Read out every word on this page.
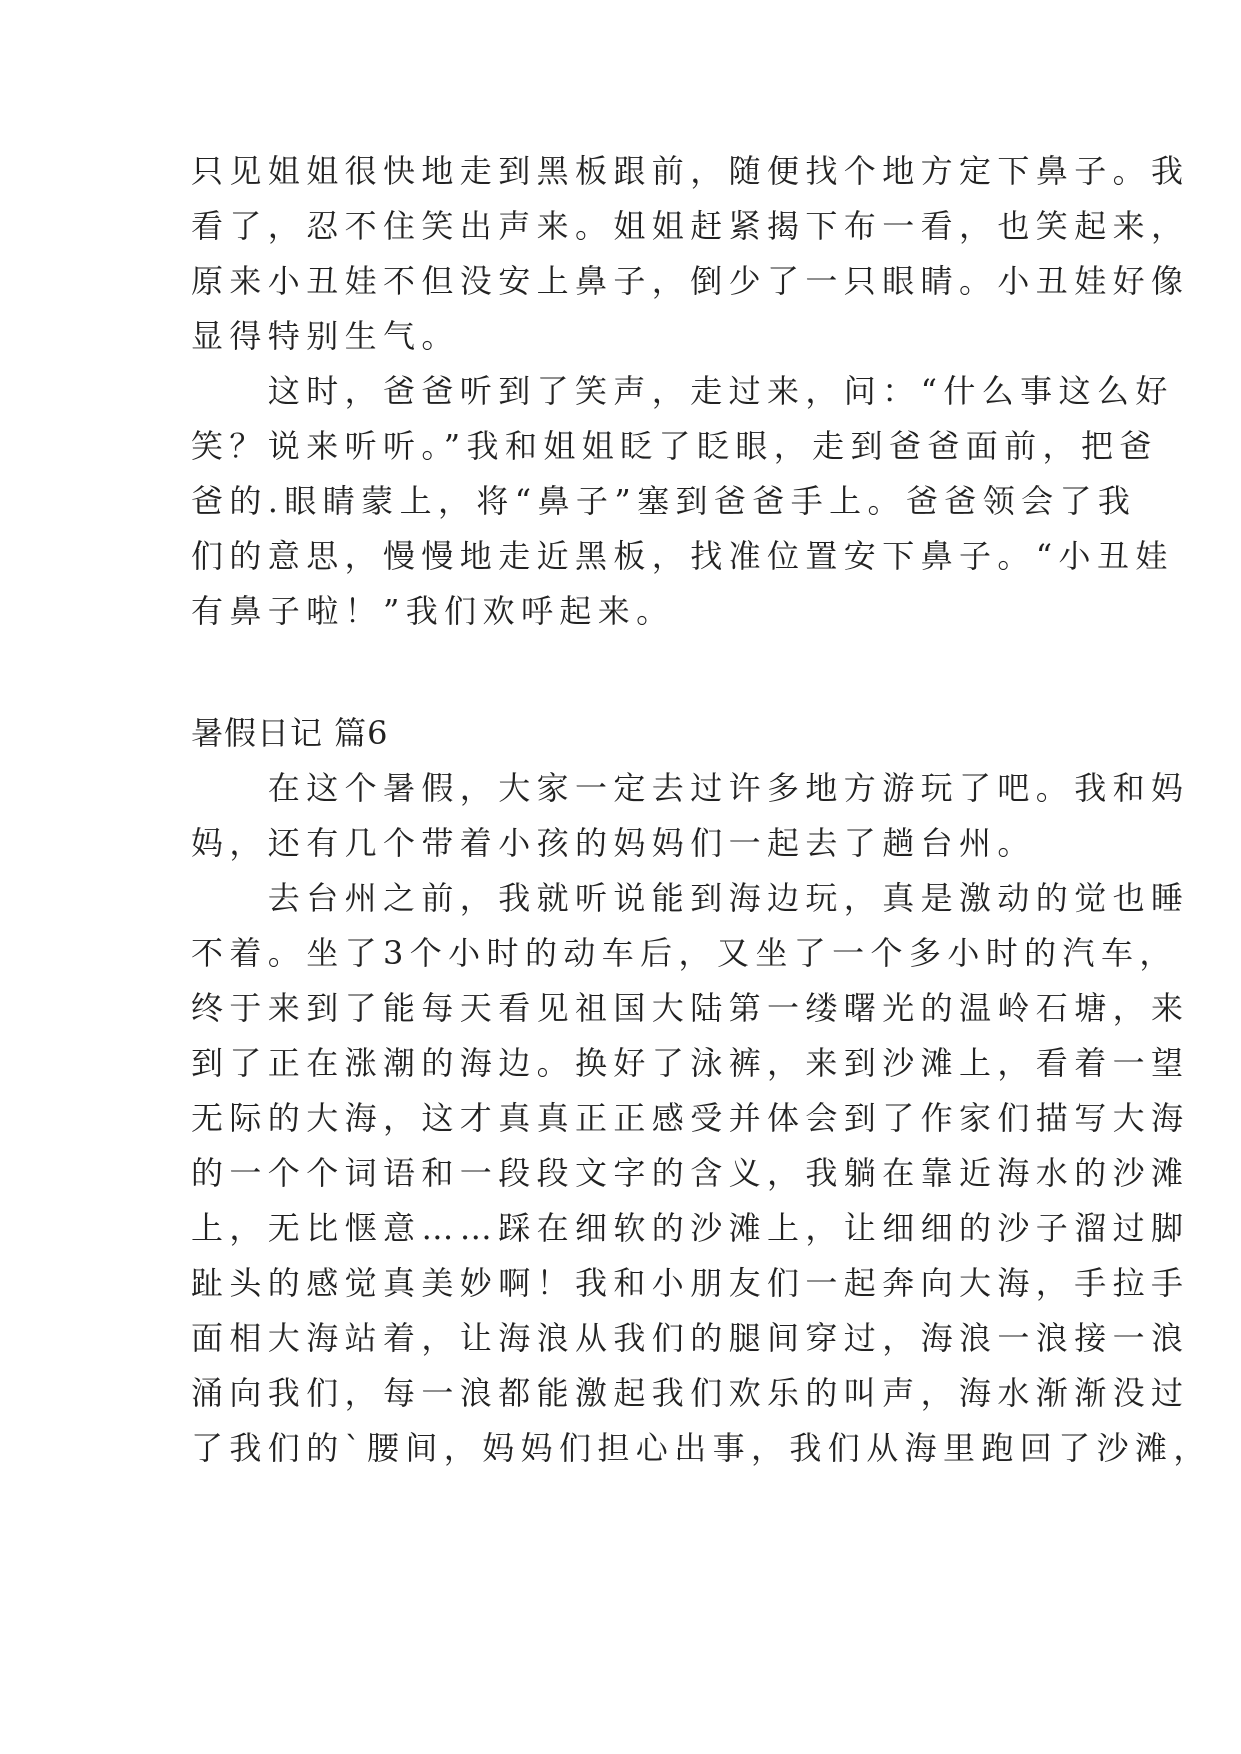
只见姐姐很快地走到黑板跟前，随便找个地方定下鼻子。我
看了，忍不住笑出声来。姐姐赶紧揭下布一看，也笑起来，
原来小丑娃不但没安上鼻子，倒少了一只眼睛。小丑娃好像
显得特别生气。
　　这时，爸爸听到了笑声，走过来，问：“什么事这么好
笑？说来听听。”我和姐姐眨了眨眼，走到爸爸面前，把爸
爸的.眼睛蒙上，将“鼻子”塞到爸爸手上。爸爸领会了我
们的意思，慢慢地走近黑板，找准位置安下鼻子。“小丑娃
有鼻子啦！”我们欢呼起来。
暑假日记 篇6
　　在这个暑假，大家一定去过许多地方游玩了吧。我和妈
妈，还有几个带着小孩的妈妈们一起去了趟台州。
　　去台州之前，我就听说能到海边玩，真是激动的觉也睡
不着。坐了3个小时的动车后，又坐了一个多小时的汽车，
终于来到了能每天看见祖国大陆第一缕曙光的温岭石塘，来
到了正在涨潮的海边。换好了泳裤，来到沙滩上，看着一望
无际的大海，这才真真正正感受并体会到了作家们描写大海
的一个个词语和一段段文字的含义，我躺在靠近海水的沙滩
上，无比惬意……踩在细软的沙滩上，让细细的沙子溜过脚
趾头的感觉真美妙啊！我和小朋友们一起奔向大海，手拉手
面相大海站着，让海浪从我们的腿间穿过，海浪一浪接一浪
涌向我们，每一浪都能激起我们欢乐的叫声，海水渐渐没过
了我们的`腰间，妈妈们担心出事，我们从海里跑回了沙滩，
